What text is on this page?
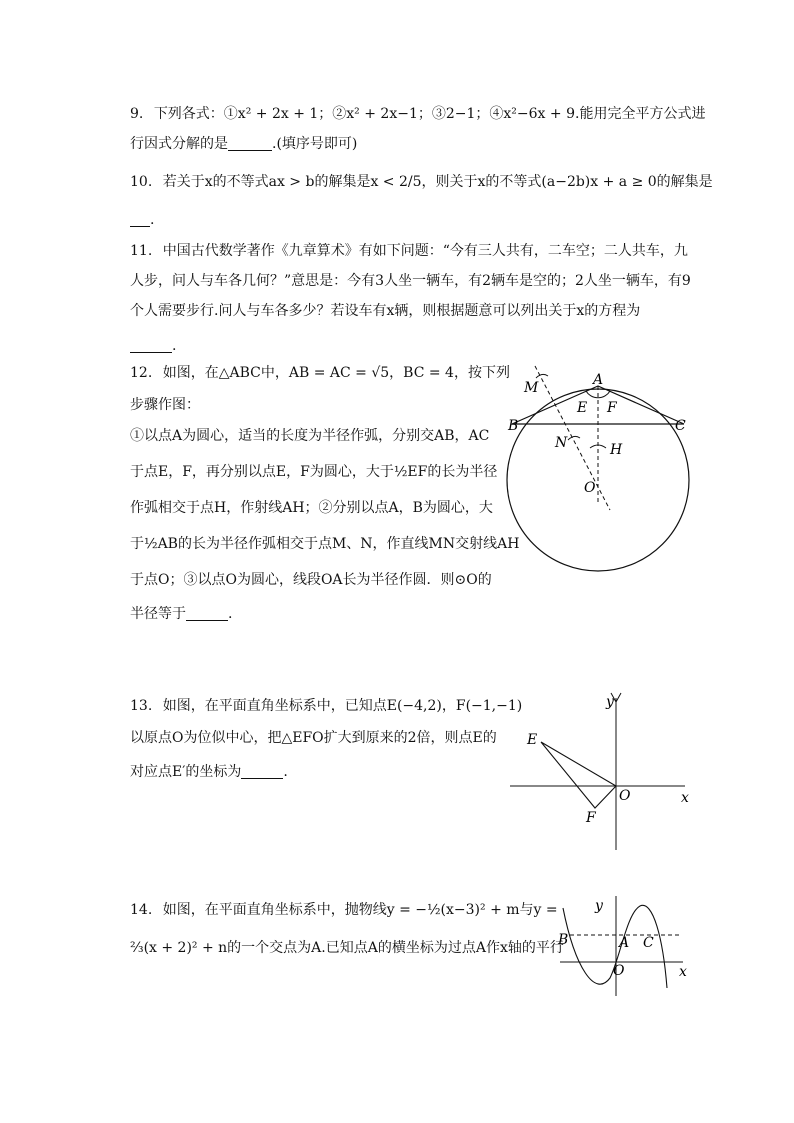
9. 下列各式：①x² + 2x + 1；②x² + 2x−1；③2−1；④x²−6x + 9.能用完全平方公式进
行因式分解的是	.(填序号即可)
10. 若关于x的不等式ax > b的解集是x < 2/5，则关于x的不等式(a−2b)x + a ≥ 0的解集是
.
11. 中国古代数学著作《九章算术》有如下问题：“今有三人共有，二车空；二人共车，九
人步，问人与车各几何？”意思是：今有3人坐一辆车，有2辆车是空的；2人坐一辆车，有9
个人需要步行.问人与车各多少？若设车有x辆，则根据题意可以列出关于x的方程为
.
12. 如图，在△ABC中，AB = AC = √5，BC = 4，按下列
步骤作图：
①以点A为圆心，适当的长度为半径作弧，分别交AB，AC
于点E，F，再分别以点E，F为圆心，大于½EF的长为半径
作弧相交于点H，作射线AH；②分别以点A，B为圆心，大
于½AB的长为半径作弧相交于点M、N，作直线MN交射线AH
于点O；③以点O为圆心，线段OA长为半径作圆．则⊙O的
半径等于	.
M	A
E F
B	C
N	H
O
13. 如图，在平面直角坐标系中，已知点E(−4,2)，F(−1,−1)
以原点O为位似中心，把△EFO扩大到原来的2倍，则点E的
对应点E′的坐标为	.
y
E
O	x
F
14. 如图，在平面直角坐标系中，抛物线y = −½(x−3)² + m与y =
⅔(x + 2)² + n的一个交点为A.已知点A的横坐标为过点A作x轴的平行
y
B	A C
O	x
